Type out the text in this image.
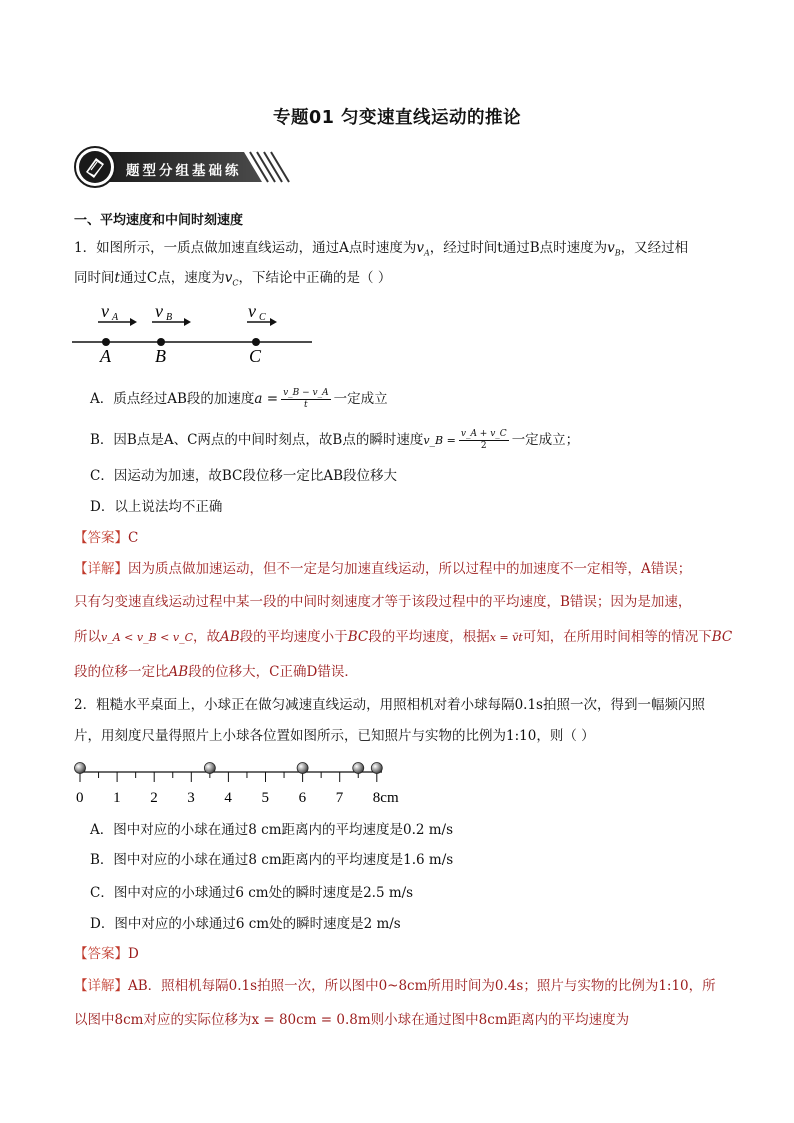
专题01 匀变速直线运动的推论
题型分组基础练
一、平均速度和中间时刻速度
1．如图所示，一质点做加速直线运动，通过A点时速度为$v_A$，经过时间t通过B点时速度为$v_B$，又经过相
同时间t通过C点，速度为$v_C$，下结论中正确的是（ ）
v A v B	v C
A B	C
A．质点经过AB段的加速度$a = \frac{v\_B - v\_A}{t}$ 一定成立
B．因B点是A、C两点的中间时刻点，故B点的瞬时速度v_B = $\frac{v\_A + v\_C}{2}$ 一定成立；
C．因运动为加速，故BC段位移一定比AB段位移大
D．以上说法均不正确
【答案】C
【详解】因为质点做加速运动，但不一定是匀加速直线运动，所以过程中的加速度不一定相等，A错误；
只有匀变速直线运动过程中某一段的中间时刻速度才等于该段过程中的平均速度，B错误；因为是加速，
所以v_A < v_B < v_C，故AB段的平均速度小于BC段的平均速度，根据x = v̄t可知，在所用时间相等的情况下BC
段的位移一定比AB段的位移大，C正确D错误．
2．粗糙水平桌面上，小球正在做匀减速直线运动，用照相机对着小球每隔0.1s拍照一次，得到一幅频闪照
片，用刻度尺量得照片上小球各位置如图所示，已知照片与实物的比例为1:10，则（ ）
0 1 2 3 4 5 6 7 8cm
A．图中对应的小球在通过8 cm距离内的平均速度是0.2 m/s
B．图中对应的小球在通过8 cm距离内的平均速度是1.6 m/s
C．图中对应的小球通过6 cm处的瞬时速度是2.5 m/s
D．图中对应的小球通过6 cm处的瞬时速度是2 m/s
【答案】D
【详解】AB．照相机每隔0.1s拍照一次，所以图中0~8cm所用时间为0.4s；照片与实物的比例为1:10，所
以图中8cm对应的实际位移为x = 80cm = 0.8m则小球在通过图中8cm距离内的平均速度为
